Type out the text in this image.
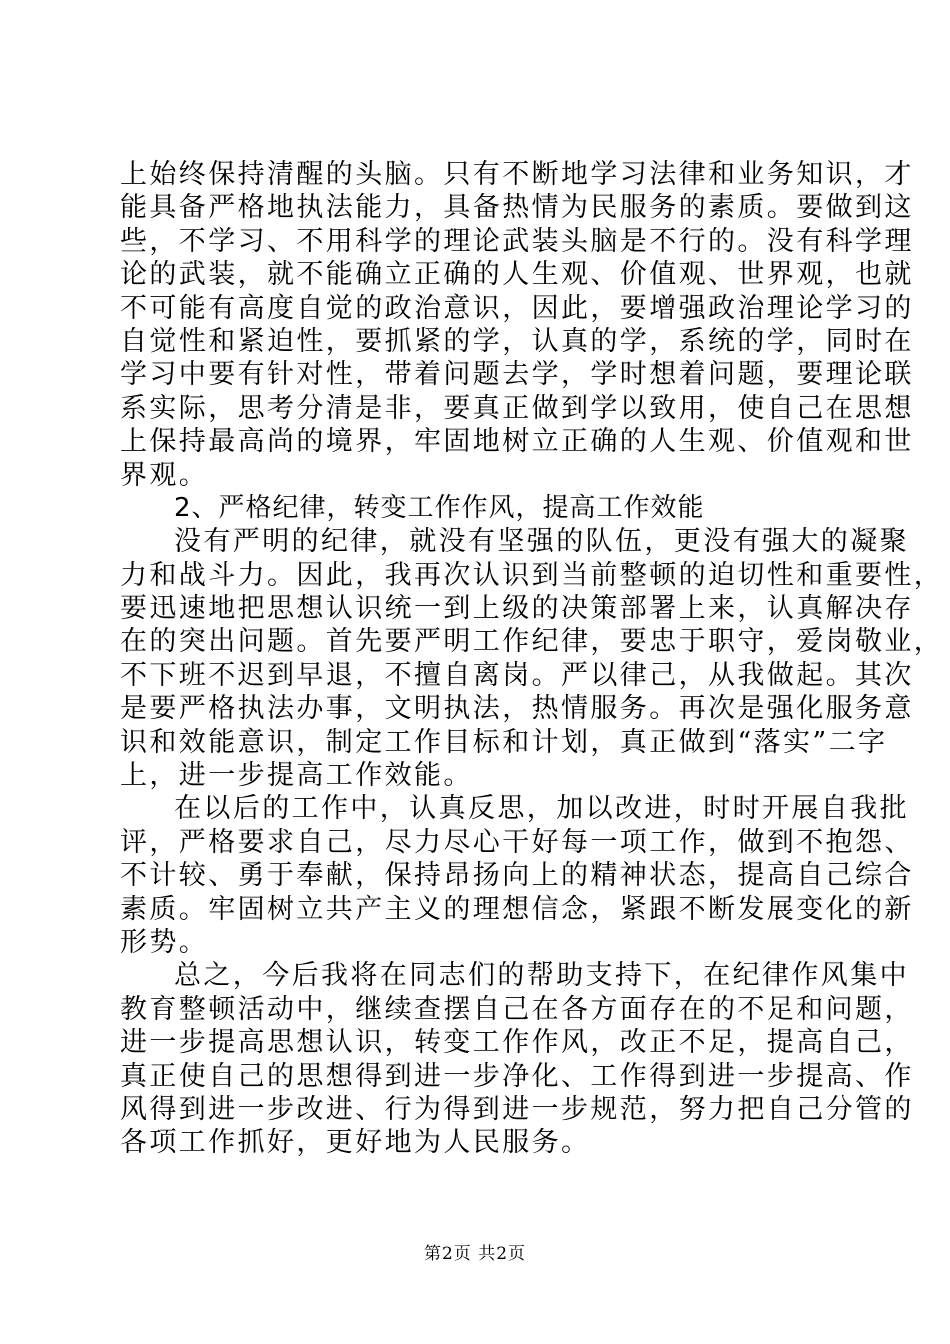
上始终保持清醒的头脑。只有不断地学习法律和业务知识，才
能具备严格地执法能力，具备热情为民服务的素质。要做到这
些，不学习、不用科学的理论武装头脑是不行的。没有科学理
论的武装，就不能确立正确的人生观、价值观、世界观，也就
不可能有高度自觉的政治意识，因此，要增强政治理论学习的
自觉性和紧迫性，要抓紧的学，认真的学，系统的学，同时在
学习中要有针对性，带着问题去学，学时想着问题，要理论联
系实际，思考分清是非，要真正做到学以致用，使自己在思想
上保持最高尚的境界，牢固地树立正确的人生观、价值观和世
界观。
2、严格纪律，转变工作作风，提高工作效能
没有严明的纪律，就没有坚强的队伍，更没有强大的凝聚
力和战斗力。因此，我再次认识到当前整顿的迫切性和重要性，
要迅速地把思想认识统一到上级的决策部署上来，认真解决存
在的突出问题。首先要严明工作纪律，要忠于职守，爱岗敬业，
不下班不迟到早退，不擅自离岗。严以律己，从我做起。其次
是要严格执法办事，文明执法，热情服务。再次是强化服务意
识和效能意识，制定工作目标和计划，真正做到“落实”二字
上，进一步提高工作效能。
在以后的工作中，认真反思，加以改进，时时开展自我批
评，严格要求自己，尽力尽心干好每一项工作，做到不抱怨、
不计较、勇于奉献，保持昂扬向上的精神状态，提高自己综合
素质。牢固树立共产主义的理想信念，紧跟不断发展变化的新
形势。
总之，今后我将在同志们的帮助支持下，在纪律作风集中
教育整顿活动中，继续查摆自己在各方面存在的不足和问题，
进一步提高思想认识，转变工作作风，改正不足，提高自己，
真正使自己的思想得到进一步净化、工作得到进一步提高、作
风得到进一步改进、行为得到进一步规范，努力把自己分管的
各项工作抓好，更好地为人民服务。
第2页 共2页
